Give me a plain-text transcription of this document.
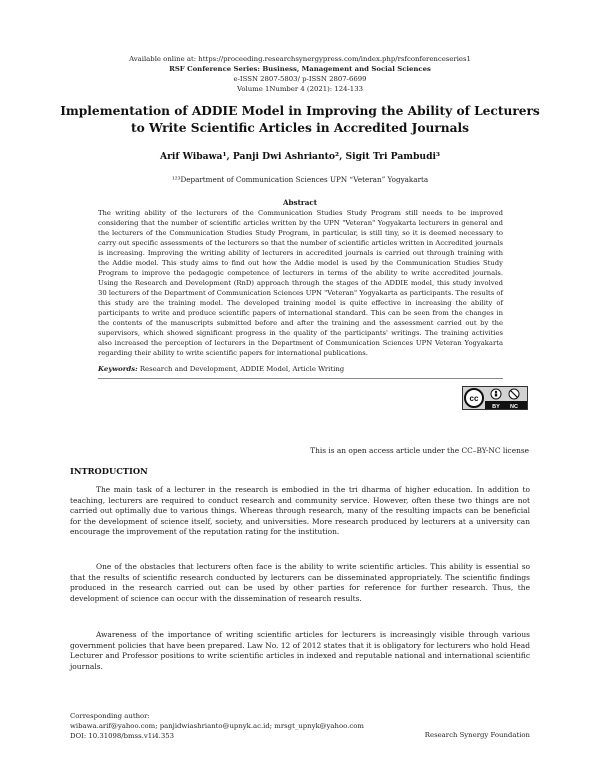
Available online at: https://proceeding.researchsynergypress.com/index.php/rsfconferenceseries1
RSF Conference Series: Business, Management and Social Sciences
e-ISSN 2807-5803/ p-ISSN 2807-6699
Volume 1Number 4 (2021): 124-133
Implementation of ADDIE Model in Improving the Ability of Lecturers to Write Scientific Articles in Accredited Journals
Arif Wibawa¹, Panji Dwi Ashrianto², Sigit Tri Pambudi³
¹²³Department of Communication Sciences UPN “Veteran” Yogyakarta
Abstract
The writing ability of the lecturers of the Communication Studies Study Program still needs to be improved considering that the number of scientific articles written by the UPN "Veteran" Yogyakarta lecturers in general and the lecturers of the Communication Studies Study Program, in particular, is still tiny, so it is deemed necessary to carry out specific assessments of the lecturers so that the number of scientific articles written in Accredited journals is increasing. Improving the writing ability of lecturers in accredited journals is carried out through training with the Addie model. This study aims to find out how the Addie model is used by the Communication Studies Study Program to improve the pedagogic competence of lecturers in terms of the ability to write accredited journals. Using the Research and Development (RnD) approach through the stages of the ADDIE model, this study involved 30 lecturers of the Department of Communication Sciences UPN "Veteran" Yogyakarta as participants. The results of this study are the training model. The developed training model is quite effective in increasing the ability of participants to write and produce scientific papers of international standard. This can be seen from the changes in the contents of the manuscripts submitted before and after the training and the assessment carried out by the supervisors, which showed significant progress in the quality of the participants' writings. The training activities also increased the perception of lecturers in the Department of Communication Sciences UPN Veteran Yogyakarta regarding their ability to write scientific papers for international publications.
Keywords: Research and Development, ADDIE Model, Article Writing
cc
BY NC
This is an open access article under the CC–BY-NC license
INTRODUCTION
The main task of a lecturer in the research is embodied in the tri dharma of higher education. In addition to teaching, lecturers are required to conduct research and community service. However, often these two things are not carried out optimally due to various things. Whereas through research, many of the resulting impacts can be beneficial for the development of science itself, society, and universities. More research produced by lecturers at a university can encourage the improvement of the reputation rating for the institution.
One of the obstacles that lecturers often face is the ability to write scientific articles. This ability is essential so that the results of scientific research conducted by lecturers can be disseminated appropriately. The scientific findings produced in the research carried out can be used by other parties for reference for further research. Thus, the development of science can occur with the dissemination of research results.
Awareness of the importance of writing scientific articles for lecturers is increasingly visible through various government policies that have been prepared. Law No. 12 of 2012 states that it is obligatory for lecturers who hold Head Lecturer and Professor positions to write scientific articles in indexed and reputable national and international scientific journals.
Corresponding author:
wibawa.arif@yahoo.com; panjidwiashrianto@upnyk.ac.id; mrsgt_upnyk@yahoo.com
DOI: 10.31098/bmss.v1i4.353	Research Synergy Foundation
